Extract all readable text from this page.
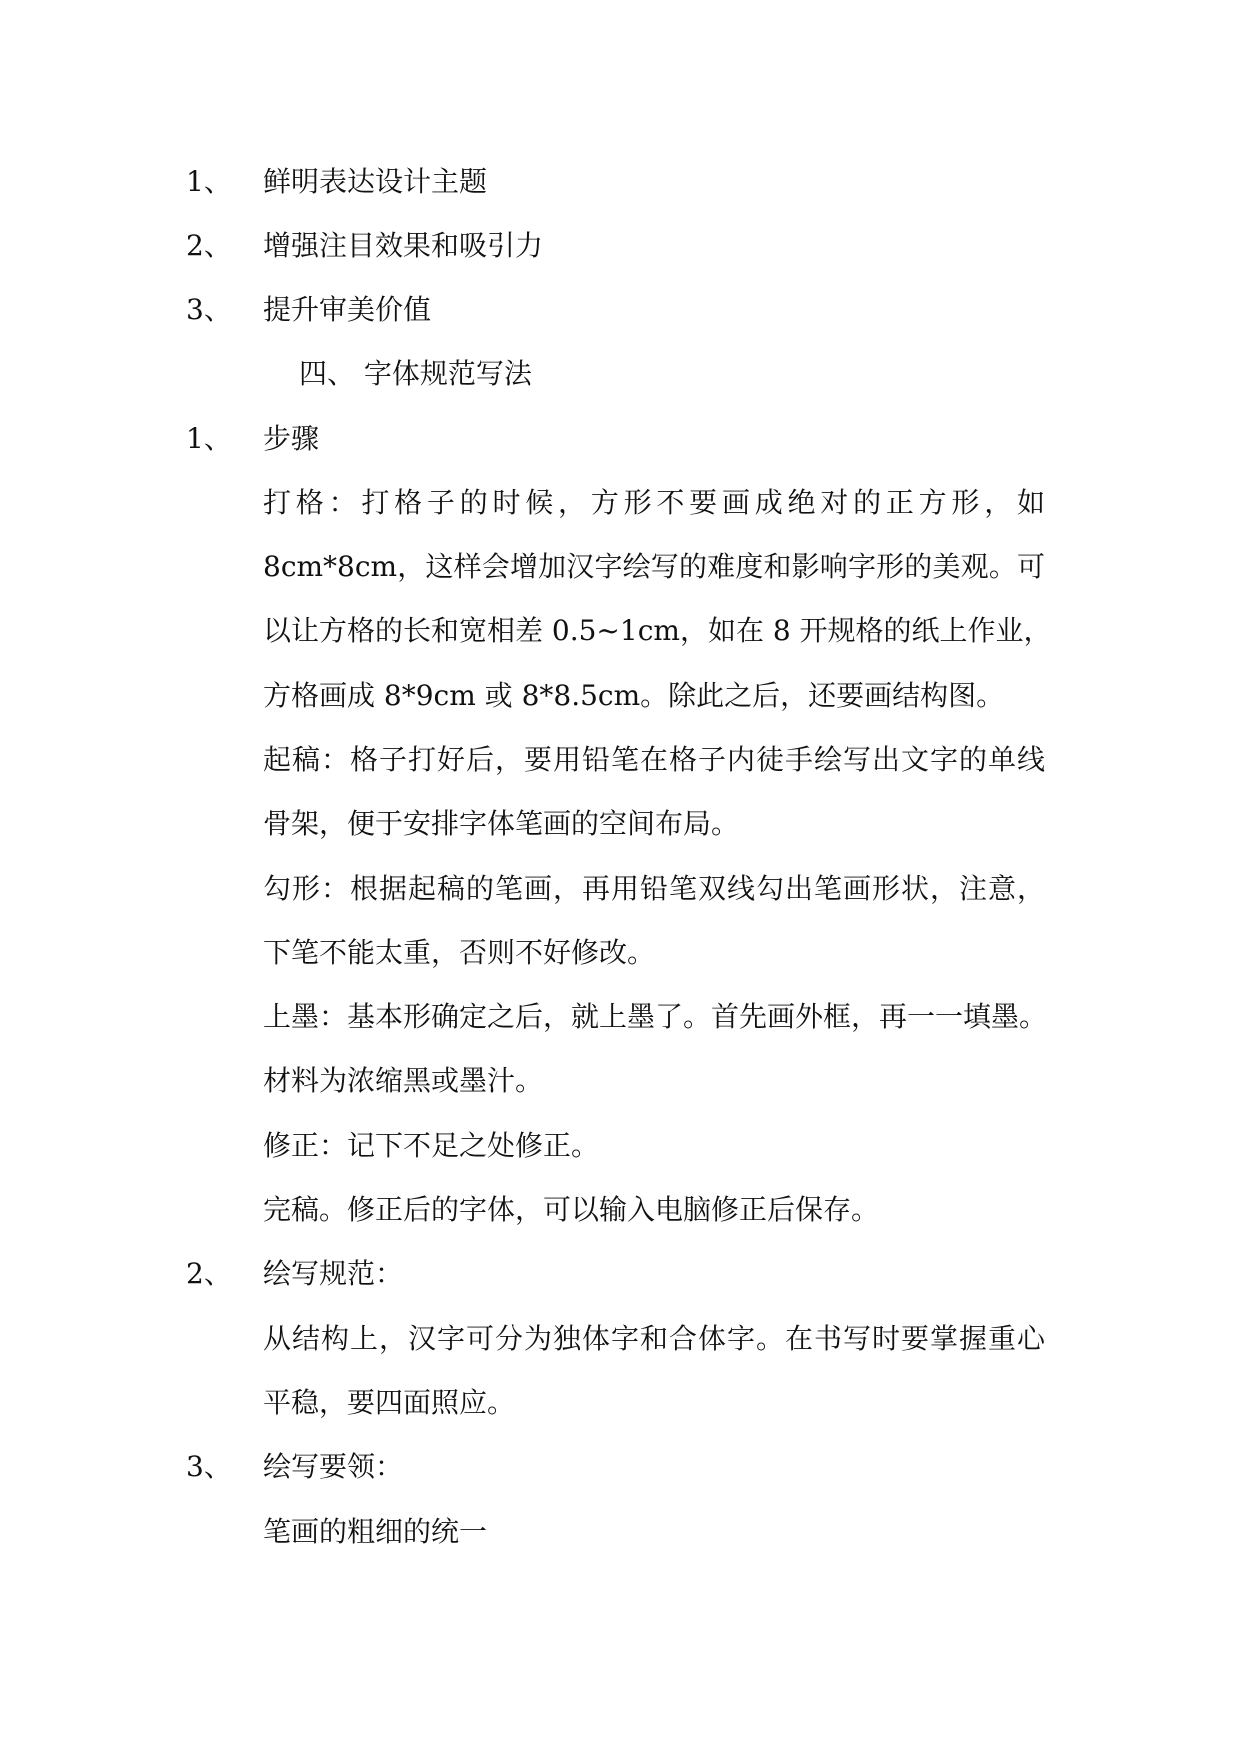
1、 鲜明表达设计主题
2、 增强注目效果和吸引力
3、 提升审美价值
四、 字体规范写法
1、 步骤
打格：打格子的时候，方形不要画成绝对的正方形，如
8cm*8cm，这样会增加汉字绘写的难度和影响字形的美观。可
以让方格的长和宽相差 0.5~1cm，如在 8 开规格的纸上作业，
方格画成 8*9cm 或 8*8.5cm。除此之后，还要画结构图。
起稿：格子打好后，要用铅笔在格子内徒手绘写出文字的单线
骨架，便于安排字体笔画的空间布局。
勾形：根据起稿的笔画，再用铅笔双线勾出笔画形状，注意，
下笔不能太重，否则不好修改。
上墨：基本形确定之后，就上墨了。首先画外框，再一一填墨。
材料为浓缩黑或墨汁。
修正：记下不足之处修正。
完稿。修正后的字体，可以输入电脑修正后保存。
2、 绘写规范：
从结构上，汉字可分为独体字和合体字。在书写时要掌握重心
平稳，要四面照应。
3、 绘写要领：
笔画的粗细的统一
